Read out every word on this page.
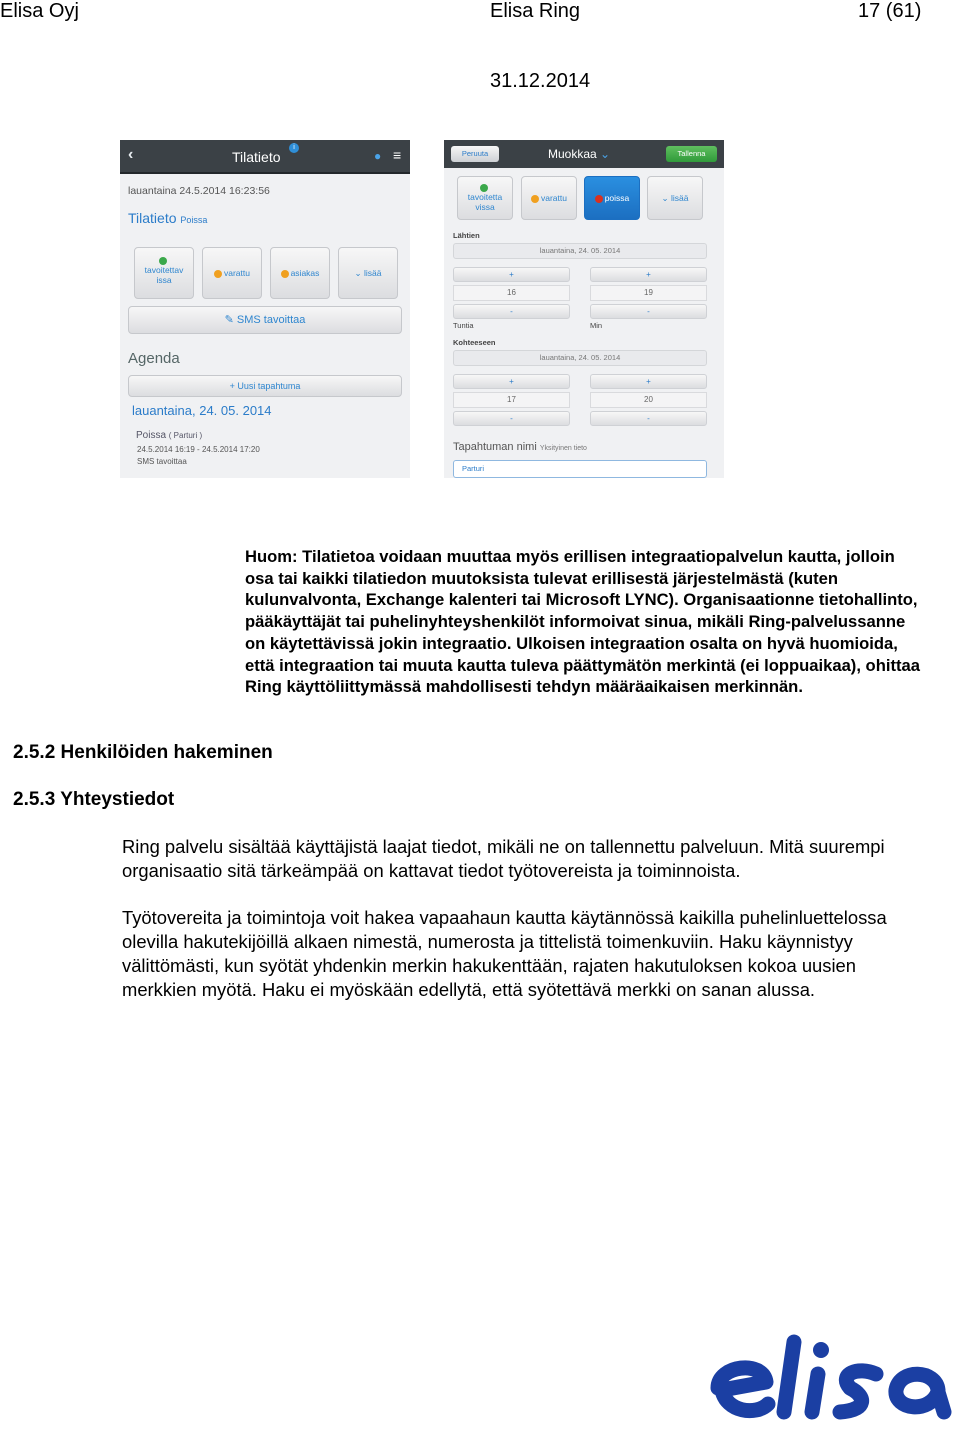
Elisa Oyj	Elisa Ring	17 (61)
31.12.2014
‹	Tilatieto
i
● ≡
lauantaina 24.5.2014 16:23:56
Tilatieto Poissa
tavoitettav
issa
varattu	asiakas	⌄ lisää
✎ SMS tavoittaa
Agenda
+ Uusi tapahtuma
lauantaina, 24. 05. 2014
Poissa ( Parturi )
24.5.2014 16:19 - 24.5.2014 17:20
SMS tavoittaa
Peruuta	Muokkaa ⌄	Tallenna
tavoitetta
vissa
varattu	poissa	⌄ lisää
Lähtien
lauantaina, 24. 05. 2014
+	+
16	19
-	-
Tuntia	Min
Kohteeseen
lauantaina, 24. 05. 2014
+	+
17	20
-	-
Tapahtuman nimi Yksityinen tieto
Parturi

Huom: Tilatietoa voidaan muuttaa myös erillisen integraatiopalvelun kautta, jolloin osa tai kaikki tilatiedon muutoksista tulevat erillisestä järjestelmästä (kuten kulunvalvonta, Exchange kalenteri tai Microsoft LYNC). Organisaationne tietohallinto, pääkäyttäjät tai puhelinyhteyshenkilöt informoivat sinua, mikäli Ring-palvelussanne on käytettävissä jokin integraatio. Ulkoisen integraation osalta on hyvä huomioida, että integraation tai muuta kautta tuleva päättymätön merkintä (ei loppuaikaa), ohittaa Ring käyttöliittymässä mahdollisesti tehdyn määräaikaisen merkinnän.

2.5.2 Henkilöiden hakeminen
2.5.3 Yhteystiedot

Ring palvelu sisältää käyttäjistä laajat tiedot, mikäli ne on tallennettu palveluun. Mitä suurempi organisaatio sitä tärkeämpää on kattavat tiedot työtovereista ja toiminnoista.

Työtovereita ja toimintoja voit hakea vapaahaun kautta käytännössä kaikilla puhelinluettelossa olevilla hakutekijöillä alkaen nimestä, numerosta ja tittelistä toimenkuviin. Haku käynnistyy välittömästi, kun syötät yhdenkin merkin hakukenttään, rajaten hakutuloksen kokoa uusien merkkien myötä. Haku ei myöskään edellytä, että syötettävä merkki on sanan alussa.
